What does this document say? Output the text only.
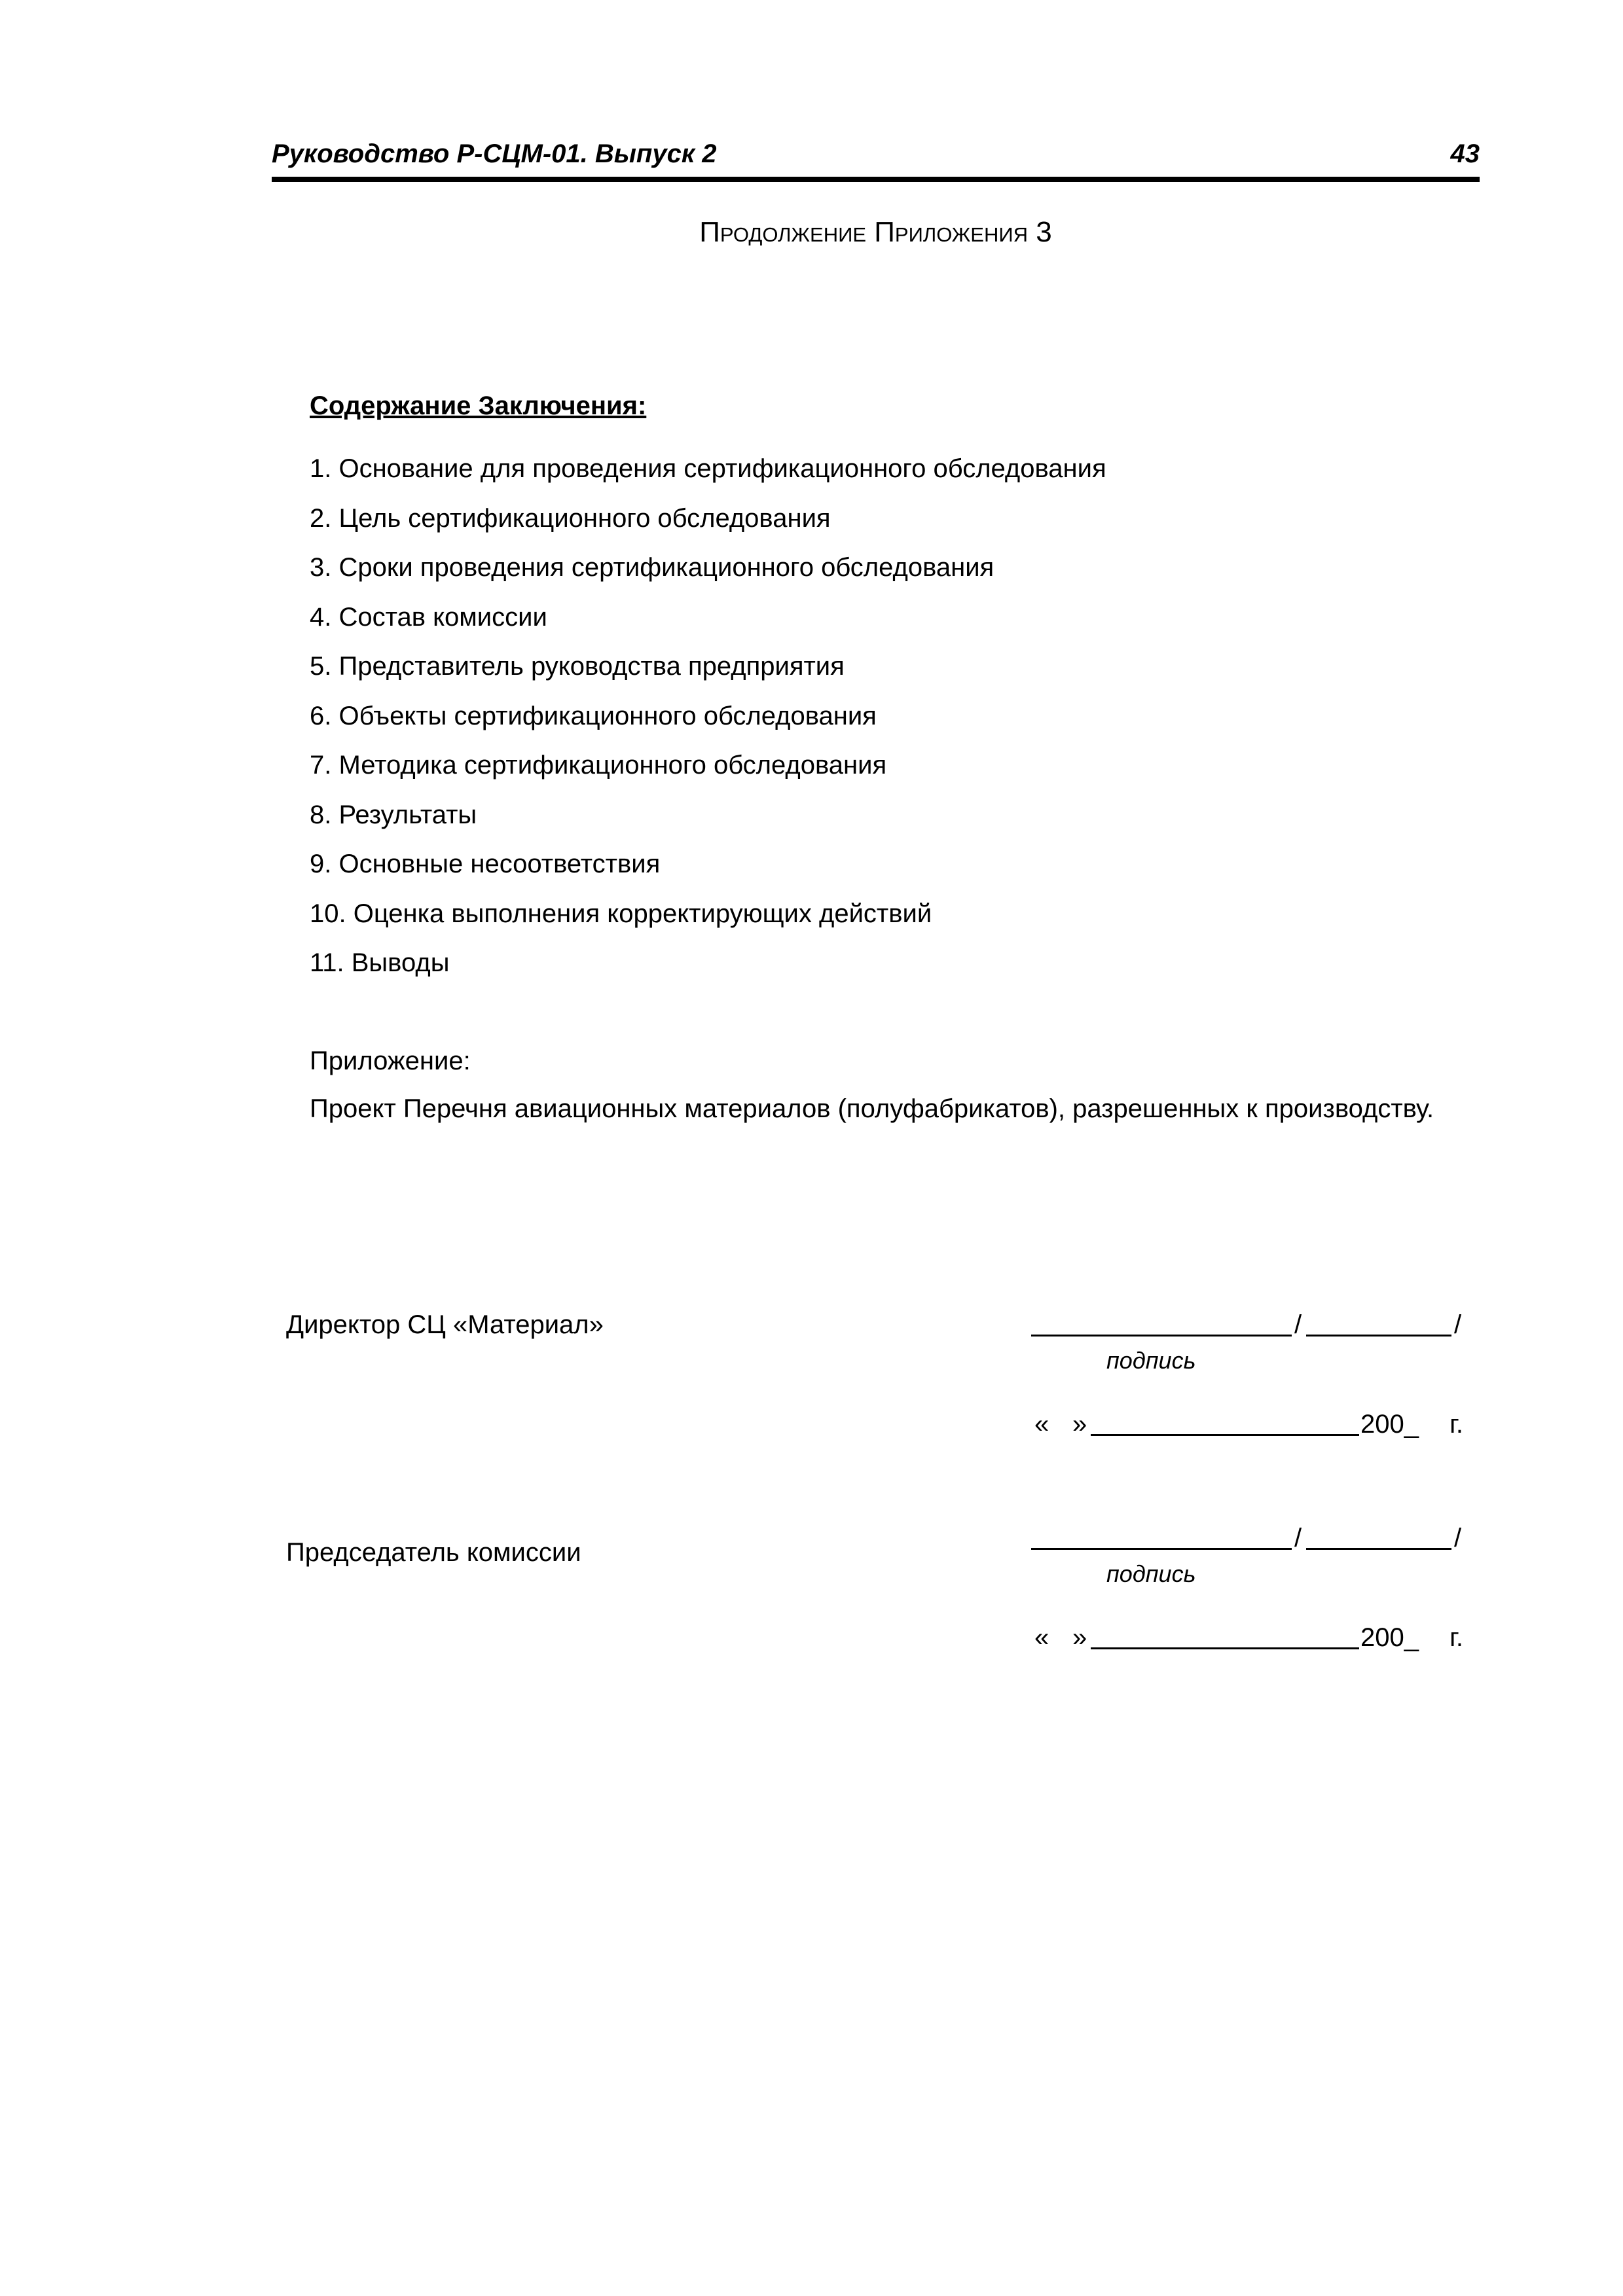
Руководство Р-СЦМ-01. Выпуск 2	43
Продолжение Приложения 3
Содержание Заключения:
1. Основание для проведения сертификационного обследования
2. Цель сертификационного обследования
3. Сроки проведения сертификационного обследования
4. Состав комиссии
5. Представитель руководства предприятия
6. Объекты сертификационного обследования
7. Методика сертификационного обследования
8. Результаты
9. Основные несоответствия
10. Оценка выполнения корректирующих действий
11. Выводы
Приложение:

Проект Перечня авиационных материалов (полуфабрикатов), разрешенных к производству.

Директор СЦ «Материал»	/	/
подпись
« »	200_ г.
Председатель комиссии	/	/
подпись
« »	200_ г.
